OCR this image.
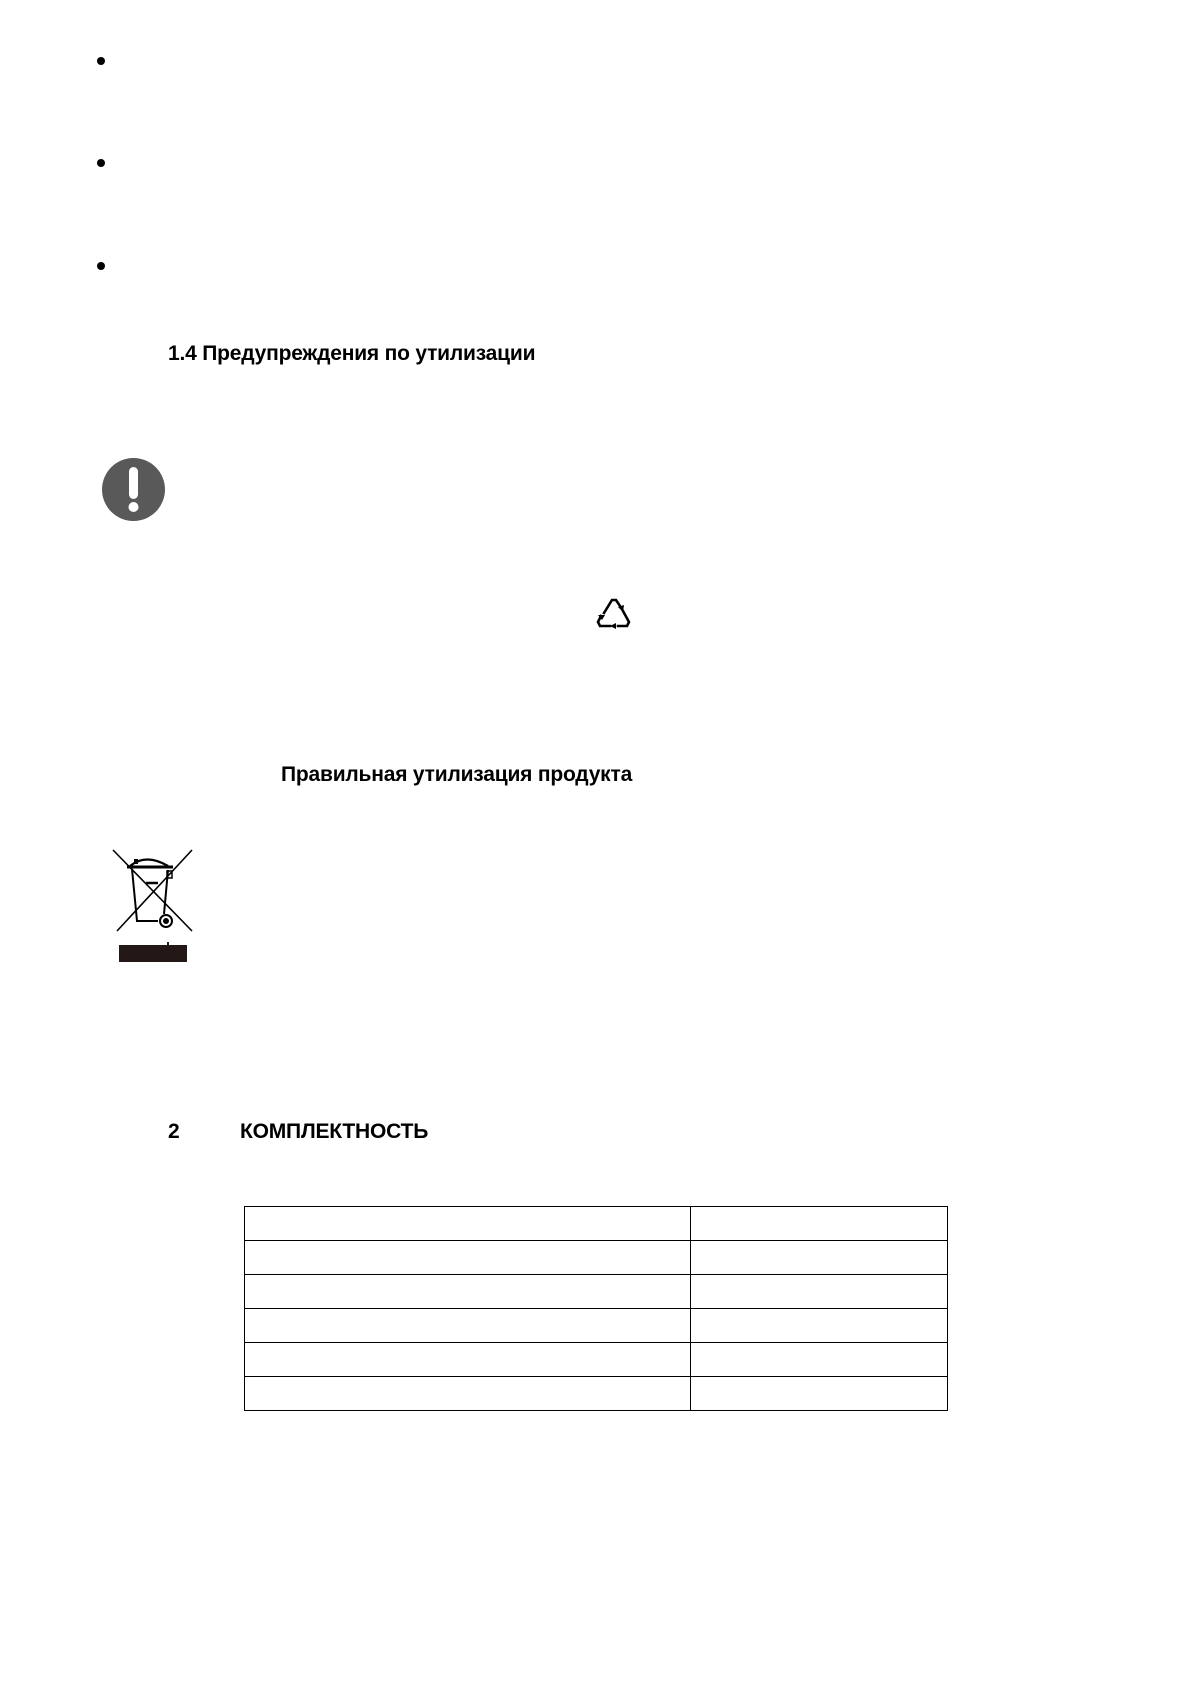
1.4 Предупреждения по утилизации
Правильная утилизация продукта
2	КОМПЛЕКТНОСТЬ
